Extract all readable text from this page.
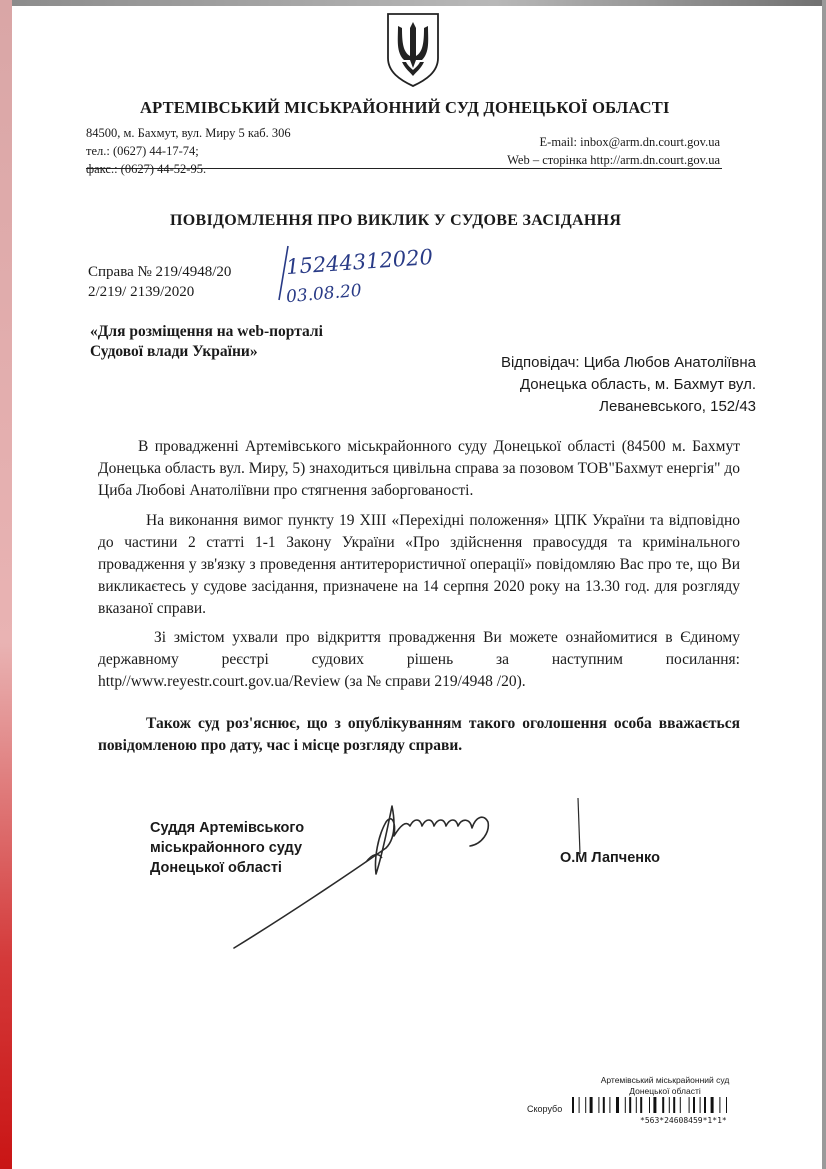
АРТЕМІВСЬКИЙ МІСЬКРАЙОННИЙ СУД ДОНЕЦЬКОЇ ОБЛАСТІ
84500, м. Бахмут, вул. Миру 5 каб. 306
тел.: (0627) 44-17-74;
факс.: (0627) 44-52-95.
E-mail: inbox@arm.dn.court.gov.ua
Web – сторінка http://arm.dn.court.gov.ua
ПОВІДОМЛЕННЯ ПРО ВИКЛИК У СУДОВЕ ЗАСІДАННЯ
Справа № 219/4948/20
2/219/ 2139/2020
15244312020
03.08.20
«Для розміщення на web-порталі
Судової влади України»
Відповідач: Циба Любов Анатоліївна
Донецька область, м. Бахмут вул.
Леваневського, 152/43
В провадженні Артемівського міськрайонного суду Донецької області (84500 м. Бахмут Донецька область вул. Миру, 5) знаходиться цивільна справа за позовом ТОВ"Бахмут енергія" до Циба Любові Анатоліївни про стягнення заборгованості.
На виконання вимог пункту 19 XIII «Перехідні положення» ЦПК України та відповідно до частини 2 статті 1-1 Закону України «Про здійснення правосуддя та кримінального провадження у зв'язку з проведення антитерористичної операції» повідомляю Вас про те, що Ви викликаєтесь у судове засідання, призначене на 14 серпня 2020 року на 13.30 год. для розгляду вказаної справи.
Зі змістом ухвали про відкриття провадження Ви можете ознайомитися в Єдиному державному реєстрі судових рішень за наступним посилання: http//www.reyestr.court.gov.ua/Review (за № справи 219/4948 /20).
Також суд роз'яснює, що з опублікуванням такого оголошення особа вважається повідомленою про дату, час і місце розгляду справи.
Суддя Артемівського
міськрайонного суду
Донецької області
О.М Лапченко
Артемівський міськрайонний суд
Донецької області
Скорубо
*563*24608459*1*1*
